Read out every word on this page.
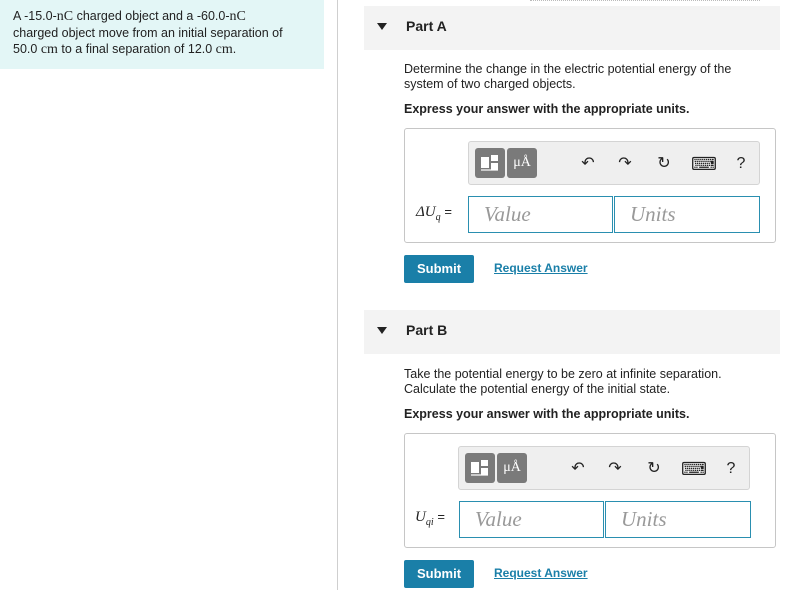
A -15.0-nC charged object and a -60.0-nC
charged object move from an initial separation of
50.0 cm to a final separation of 12.0 cm.
Part A
Determine the change in the electric potential energy of the system of two charged objects.
Express your answer with the appropriate units.
μÅ	↶ ↷ ↻ ⌨	?
$\Delta U_q$ =	Value	Units
Submit	Request Answer
Part B
Take the potential energy to be zero at infinite separation. Calculate the potential energy of the initial state.
Express your answer with the appropriate units.
μÅ	↶ ↷ ↻ ⌨	?
$U_{qi}$ =	Value	Units
Submit	Request Answer
